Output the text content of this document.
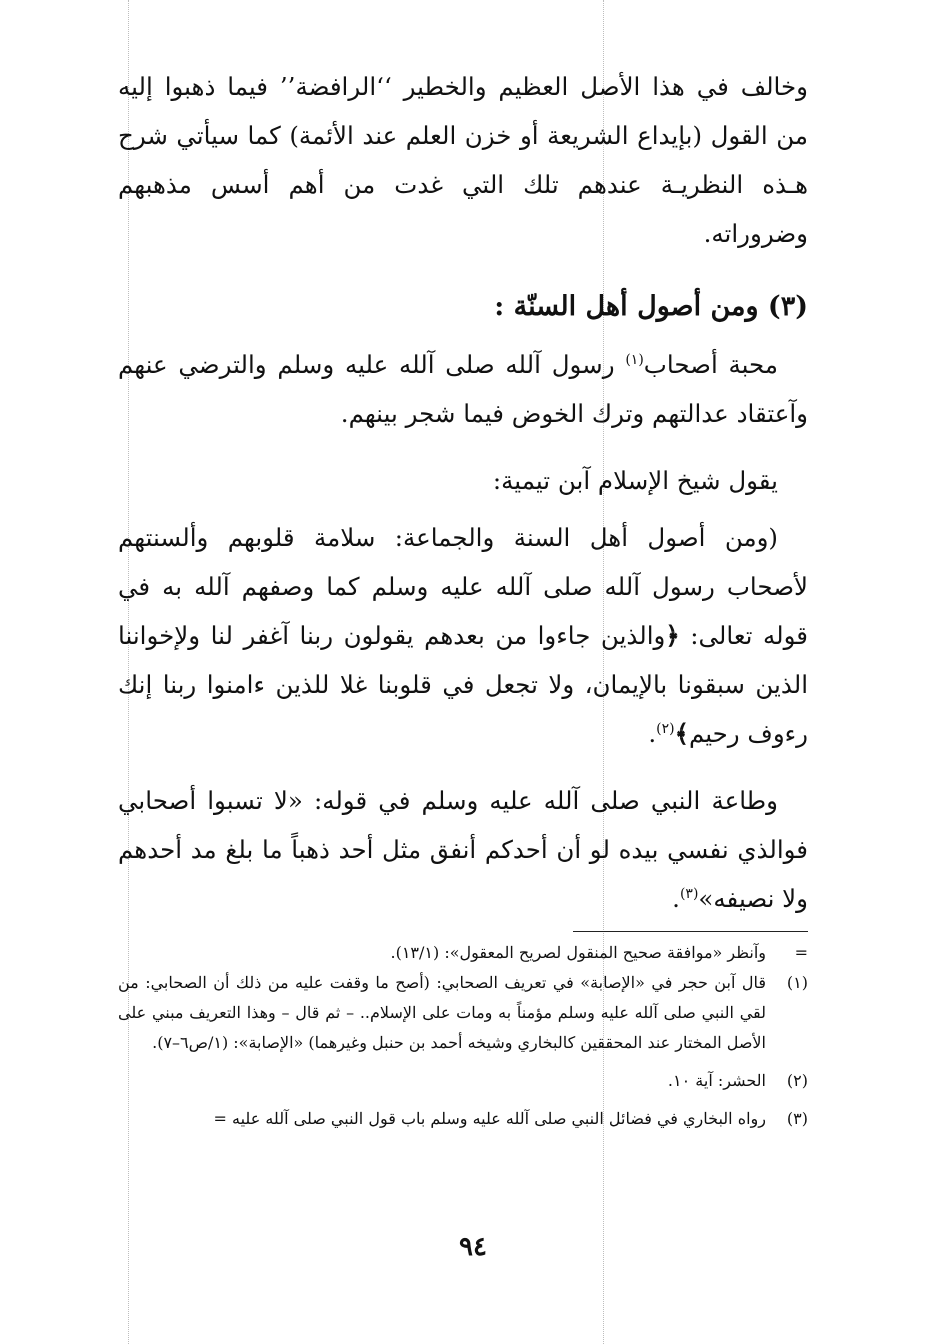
وخالف في هذا الأصل العظيم والخطير ‘‘الرافضة’’ فيما ذهبوا إليه من القول (بإيداع الشريعة أو خزن العلم عند الأئمة) كما سيأتي شرح هـذه النظريـة عندهم تلك التي غدت من أهم أسس مذهبهم وضروراته.

(٣) ومن أصول أهل السنّة :

محبة أصحاب$^{(١)}$ رسول آلله صلى آلله عليه وسلم والترضي عنهم وآعتقاد عدالتهم وترك الخوض فيما شجر بينهم.

يقول شيخ الإسلام آبن تيمية:

(ومن أصول أهل السنة والجماعة: سلامة قلوبهم وألسنتهم لأصحاب رسول آلله صلى آلله عليه وسلم كما وصفهم آلله به في قوله تعالى: ﴿والذين جاءوا من بعدهم يقولون ربنا آغفر لنا ولإخواننا الذين سبقونا بالإيمان، ولا تجعل في قلوبنا غلا للذين ءامنوا ربنا إنك رءوف رحيم﴾$^{(٢)}$.

وطاعة النبي صلى آلله عليه وسلم في قوله: «لا تسبوا أصحابي فوالذي نفسي بيده لو أن أحدكم أنفق مثل أحد ذهباً ما بلغ مد أحدهم ولا نصيفه»$^{(٣)}$.

=
وآنظر «موافقة صحيح المنقول لصريح المعقول»: (١٣/١).
(١)
قال آبن حجر في «الإصابة» في تعريف الصحابي: (أصح ما وقفت عليه من ذلك أن الصحابي: من لقي النبي صلى آلله عليه وسلم مؤمناً به ومات على الإسلام.. – ثم قال – وهذا التعريف مبني على الأصل المختار عند المحققين كالبخاري وشيخه أحمد بن حنبل وغيرهما) «الإصابة»: (١/ص٦–٧).
(٢)
الحشر: آية ١٠.
(٣)
رواه البخاري في فضائل النبي صلى آلله عليه وسلم باب قول النبي صلى آلله عليه =
٩٤
